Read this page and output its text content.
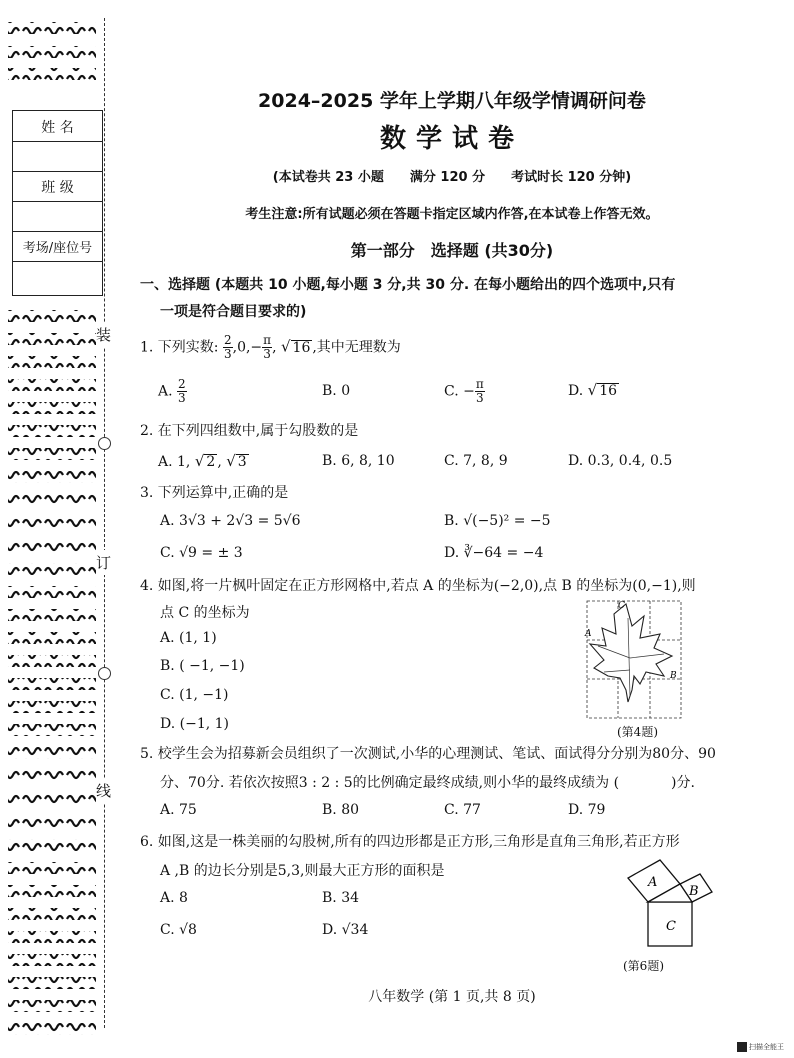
装
订
线
姓 名
班 级
考场/座位号
2024–2025 学年上学期八年级学情调研问卷
数学试卷
(本试卷共 23 小题　　满分 120 分　　考试时长 120 分钟)
考生注意:所有试题必须在答题卡指定区域内作答,在本试卷上作答无效。
第一部分　选择题 (共30分)
一、选择题 (本题共 10 小题,每小题 3 分,共 30 分. 在每小题给出的四个选项中,只有
一项是符合题目要求的)
1. 下列实数: $\frac{2}{3} ,0,- \frac{\pi}{3}$ , √ 16 ,其中无理数为
A. $\frac{2}{3}$	B. 0	C. − $\frac{\pi}{3}$	D. √ 16
2. 在下列四组数中,属于勾股数的是
A. 1, √ 2 , √ 3	B. 6, 8, 10	C. 7, 8, 9	D. 0.3, 0.4, 0.5
3. 下列运算中,正确的是
A. 3√3 + 2√3 = 5√6	B. √(−5)² = −5
C. √9 = ± 3	D. ∛−64 = −4
4. 如图,将一片枫叶固定在正方形网格中,若点 A 的坐标为(−2,0),点 B 的坐标为(0,−1),则
点 C 的坐标为
A. (1, 1)
B. ( −1, −1)
C. (1, −1)
D. (−1, 1)
C
A
B
(第4题)
5. 校学生会为招募新会员组织了一次测试,小华的心理测试、笔试、面试得分分别为80分、90
分、70分. 若依次按照3 : 2 : 5的比例确定最终成绩,则小华的最终成绩为 (	)分.
A. 75	B. 80	C. 77	D. 79
6. 如图,这是一株美丽的勾股树,所有的四边形都是正方形,三角形是直角三角形,若正方形
A ,B 的边长分别是5,3,则最大正方形的面积是
A. 8	B. 34
C. √8	D. √34
A
B
C
(第6题)
八年数学 (第 1 页,共 8 页)
扫描全能王
